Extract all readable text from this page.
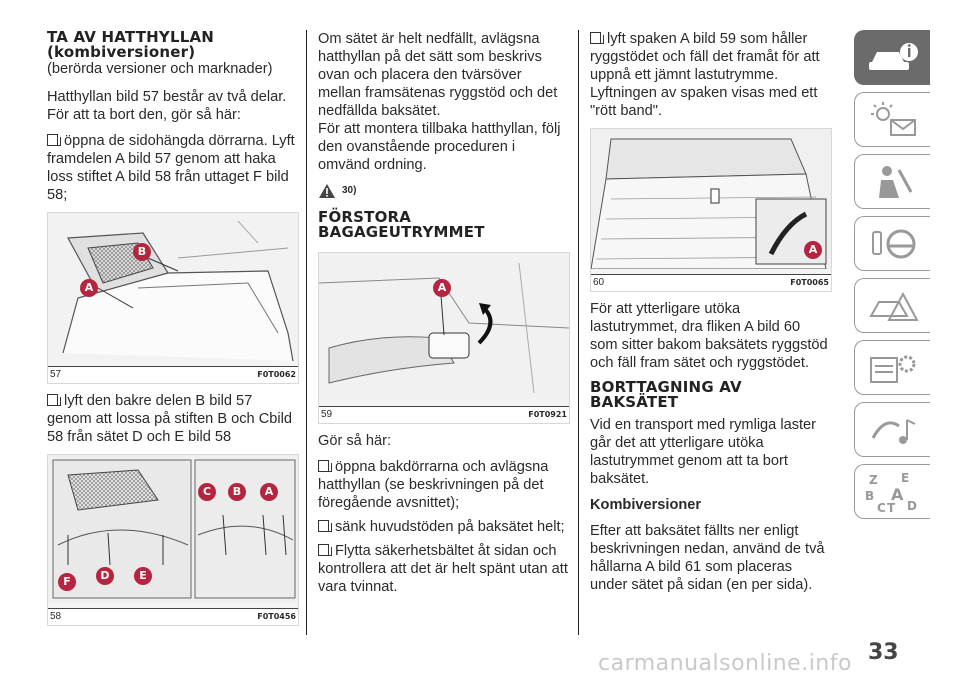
TA AV HATTHYLLAN
(kombiversioner)

(berörda versioner och marknader)

Hatthyllan bild 57 består av två delar. För att ta bort den, gör så här:

öppna de sidohängda dörrarna. Lyft framdelen A bild 57 genom att haka loss stiftet A bild 58 från uttaget F bild 58;
B
A
57	F0T0062
lyft den bakre delen B bild 57 genom att lossa på stiften B och Cbild 58 från sätet D och E bild 58
C	B	A
F	D	E
58	F0T0456

Om sätet är helt nedfällt, avlägsna hatthyllan på det sätt som beskrivs ovan och placera den tvärsöver mellan framsätenas ryggstöd och det nedfällda baksätet.

För att montera tillbaka hatthyllan, följ den ovanstående proceduren i omvänd ordning.

30)
FÖRSTORA
BAGAGEUTRYMMET
A
59	F0T0921

Gör så här:

öppna bakdörrarna och avlägsna hatthyllan (se beskrivningen på det föregående avsnittet);
sänk huvudstöden på baksätet helt;
Flytta säkerhetsbältet åt sidan och kontrollera att det är helt spänt utan att vara tvinnat.
lyft spaken A bild 59 som håller ryggstödet och fäll det framåt för att uppnå ett jämnt lastutrymme. Lyftningen av spaken visas med ett "rött band".
A
60	F0T0065

För att ytterligare utöka lastutrymmet, dra fliken A bild 60 som sitter bakom baksätets ryggstöd och fäll fram sätet och ryggstödet.

BORTTAGNING AV
BAKSÄTET

Vid en transport med rymliga laster går det att ytterligare utöka lastutrymmet genom att ta bort baksätet.

Kombiversioner

Efter att baksätet fällts ner enligt beskrivningen nedan, använd de två hållarna A bild 61 som placeras under sätet på sidan (en per sida).

Z E
B A
C T D
33
carmanualsonline.info
